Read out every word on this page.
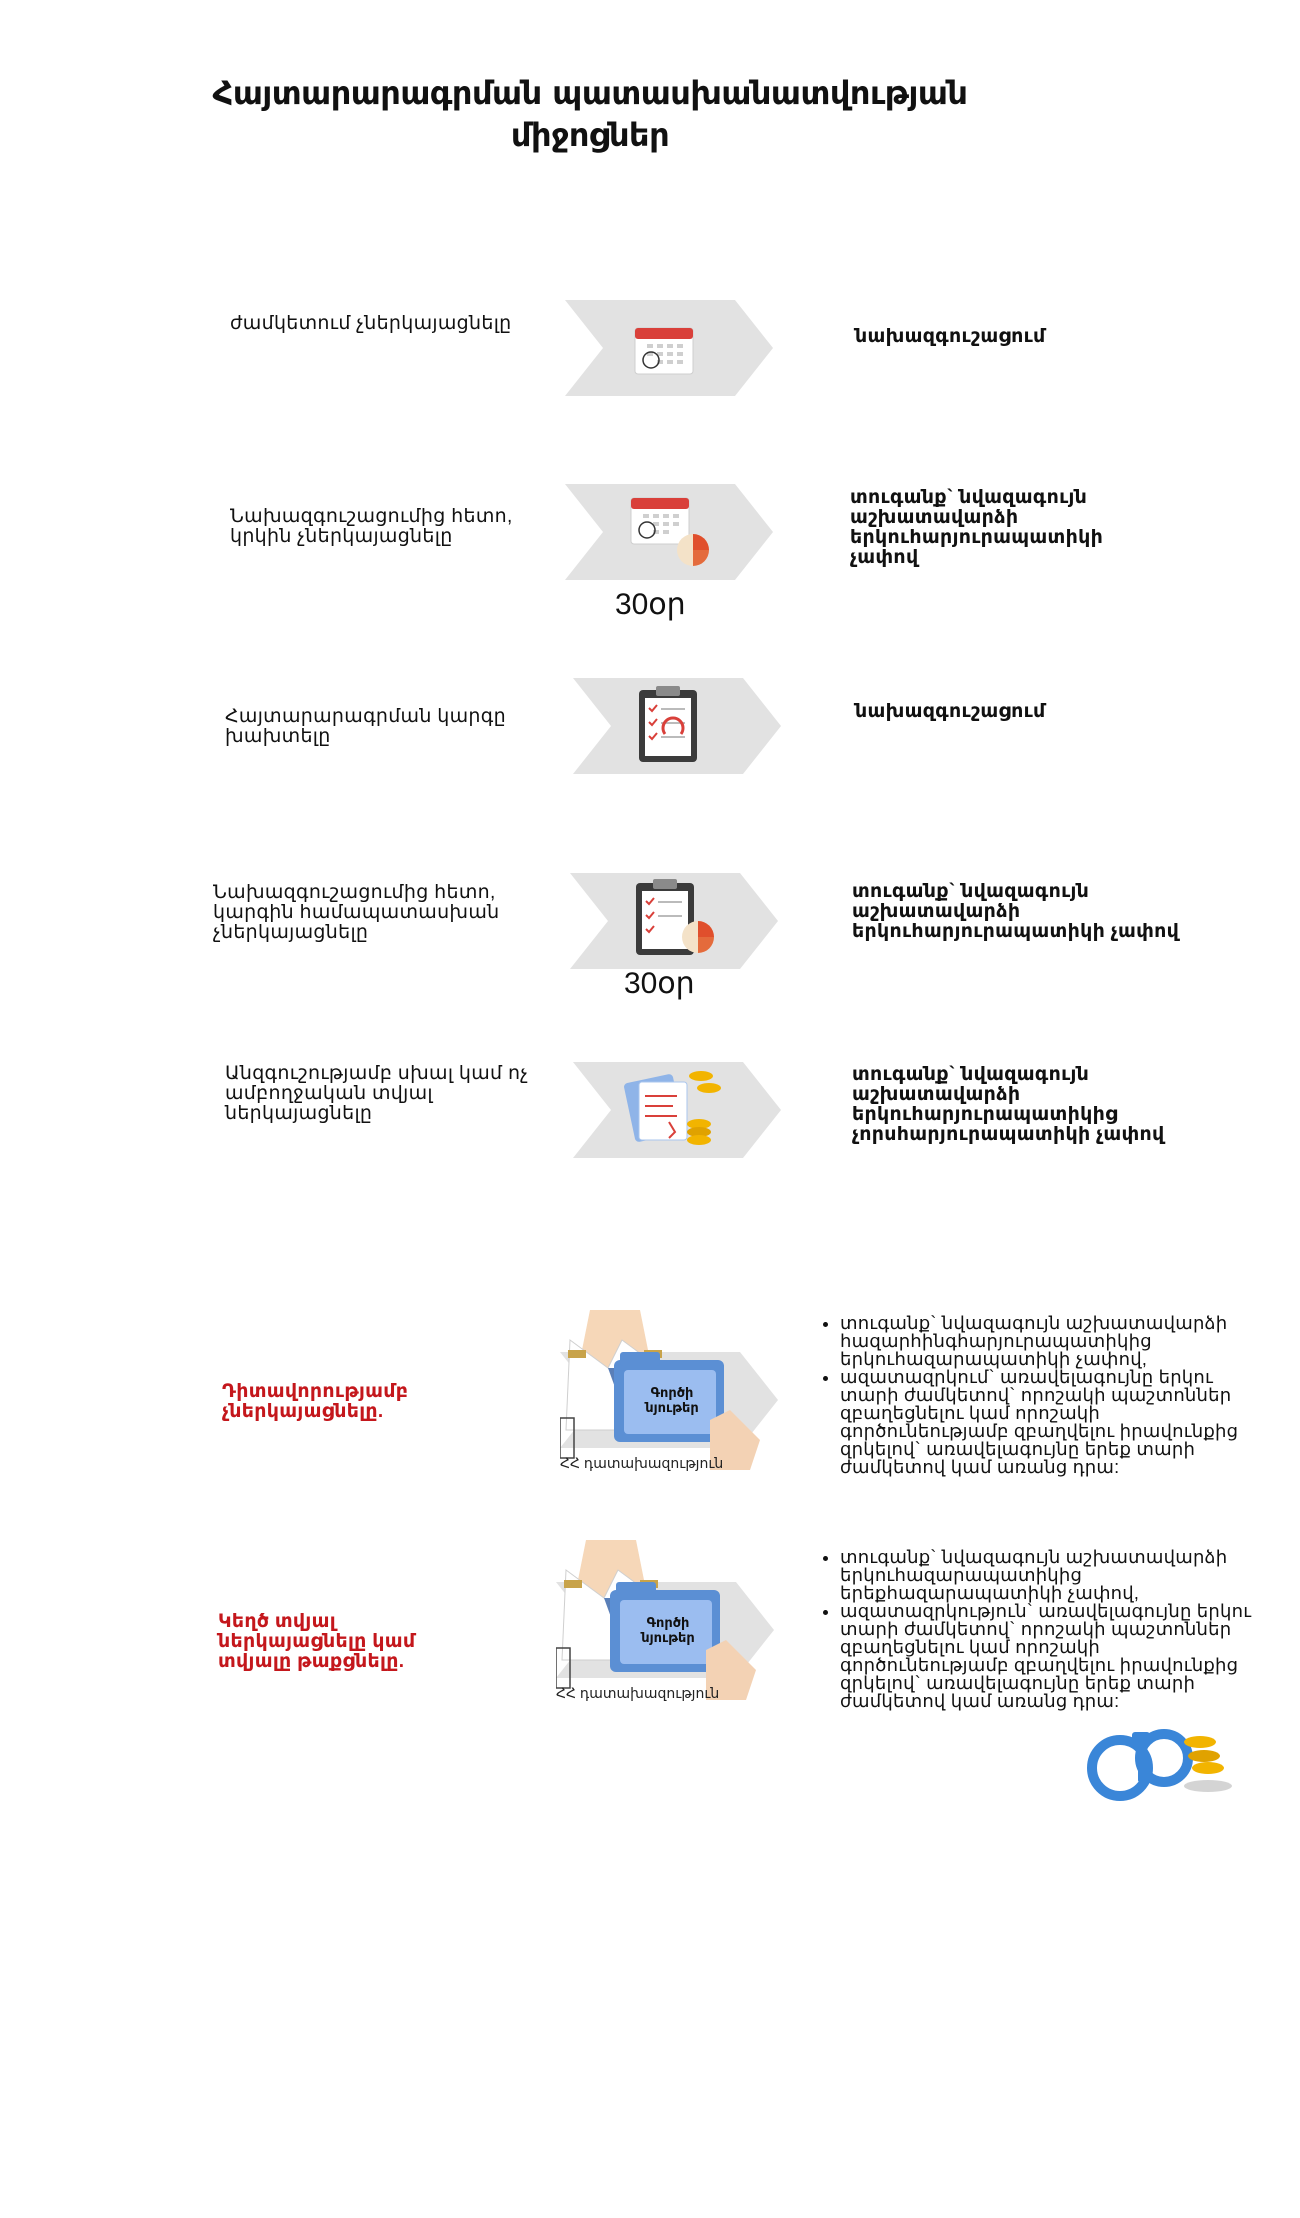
Հայտարարագրման պատասխանատվության միջոցներ
ժամկետում չներկայացնելը
նախազգուշացում
Նախազգուշացումից հետո, կրկին չներկայացնելը
30օր
տուգանք` նվազագույն աշխատավարձի երկուհարյուրապատիկի չափով
Հայտարարագրման կարգը խախտելը
նախազգուշացում
Նախազգուշացումից հետո, կարգին համապատասխան չներկայացնելը
30օր
տուգանք` նվազագույն աշխատավարձի երկուհարյուրապատիկի չափով
Անզգուշությամբ սխալ կամ ոչ ամբողջական տվյալ ներկայացնելը
տուգանք` նվազագույն աշխատավարձի երկուհարյուրապատիկից չորսհարյուրապատիկի չափով
Դիտավորությամբ չներկայացնելը.
Գործի նյութեր
ՀՀ դատախազություն
• տուգանք` նվազագույն աշխատավարձի հազարհինգհարյուրապատիկից երկուհազարապատիկի չափով,
• ազատազրկում` առավելագույնը երկու տարի ժամկետով` որոշակի պաշտոններ զբաղեցնելու կամ որոշակի գործունեությամբ զբաղվելու իրավունքից զրկելով` առավելագույնը երեք տարի ժամկետով կամ առանց դրա:
Կեղծ տվյալ ներկայացնելը կամ տվյալը թաքցնելը.
Գործի նյութեր
ՀՀ դատախազություն
• տուգանք` նվազագույն աշխատավարձի երկուհազարապատիկից երեքհազարապատիկի չափով,
• ազատազրկություն` առավելագույնը երկու տարի ժամկետով` որոշակի պաշտոններ զբաղեցնելու կամ որոշակի գործունեությամբ զբաղվելու իրավունքից զրկելով` առավելագույնը երեք տարի ժամկետով կամ առանց դրա:
